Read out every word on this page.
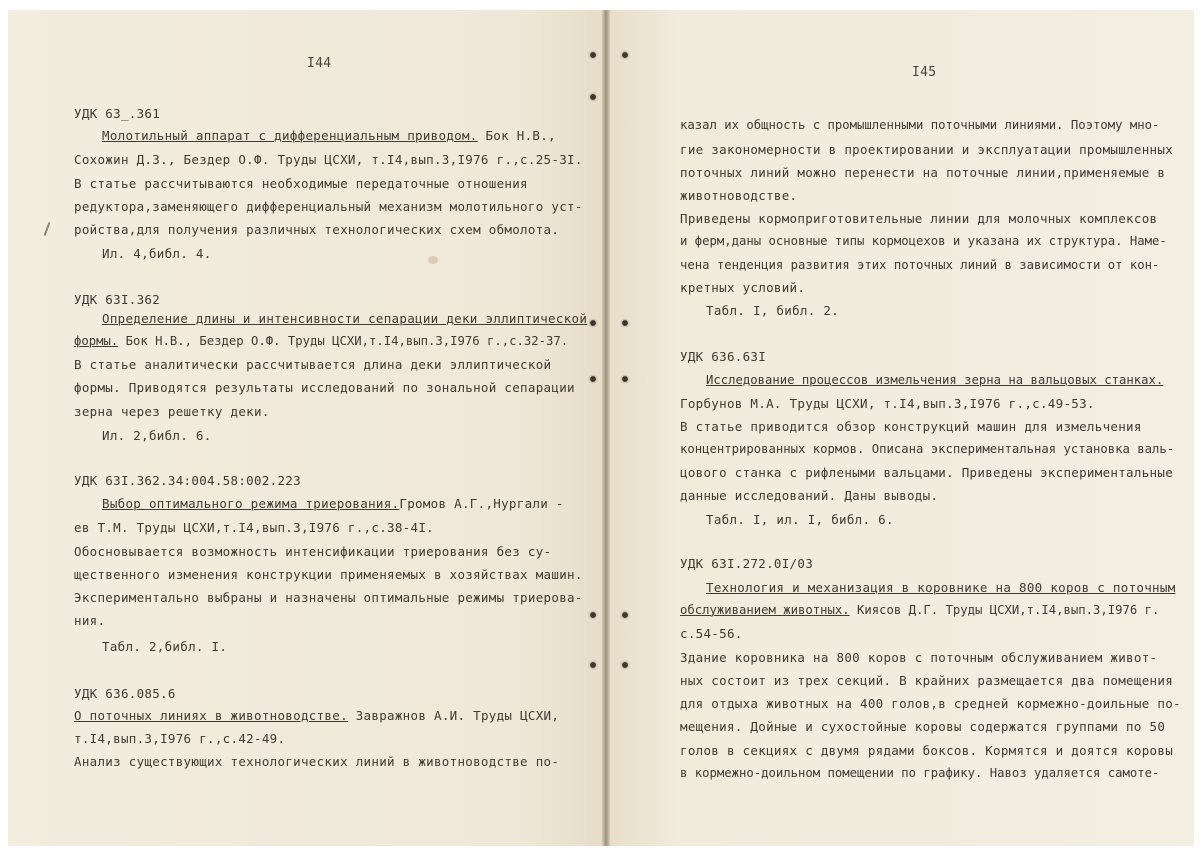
I44
УДК 63_.361
Молотильный аппарат с дифференциальным приводом. Бок Н.В.,
Сохожин Д.З., Бездер О.Ф. Труды ЦСХИ, т.I4,вып.3,I976 г.,с.25-3I.
В статье рассчитываются необходимые передаточные отношения
редуктора,заменяющего дифференциальный механизм молотильного уст-
ройства,для получения различных технологических схем обмолота.
Ил. 4,библ. 4.
УДК 63I.362
Определение длины и интенсивности сепарации деки эллиптической
формы. Бок Н.В., Бездер О.Ф. Труды ЦСХИ,т.I4,вып.3,I976 г.,с.32-37.
В статье аналитически рассчитывается длина деки эллиптической
формы. Приводятся результаты исследований по зональной сепарации
зерна через решетку деки.
Ил. 2,библ. 6.
УДК 63I.362.34:004.58:002.223
Выбор оптимального режима триерования.Громов А.Г.,Нургали -
ев Т.М. Труды ЦСХИ,т.I4,вып.3,I976 г.,с.38-4I.
Обосновывается возможность интенсификации триерования без су-
щественного изменения конструкции применяемых в хозяйствах машин.
Экспериментально выбраны и назначены оптимальные режимы триерова-
ния.
Табл. 2,библ. I.
УДК 636.085.6
О поточных линиях в животноводстве. Завражнов А.И. Труды ЦСХИ,
т.I4,вып.3,I976 г.,с.42-49.
Анализ существующих технологических линий в животноводстве по-
I45
казал их общность с промышленными поточными линиями. Поэтому мно-
гие закономерности в проектировании и эксплуатации промышленных
поточных линий можно перенести на поточные линии,применяемые в
животноводстве.
Приведены кормоприготовительные линии для молочных комплексов
и ферм,даны основные типы кормоцехов и указана их структура. Наме-
чена тенденция развития этих поточных линий в зависимости от кон-
кретных условий.
Табл. I, библ. 2.
УДК 636.63I
Исследование процессов измельчения зерна на вальцовых станках.
Горбунов М.А. Труды ЦСХИ, т.I4,вып.3,I976 г.,с.49-53.
В статье приводится обзор конструкций машин для измельчения
концентрированных кормов. Описана экспериментальная установка валь-
цового станка с рифлеными вальцами. Приведены экспериментальные
данные исследований. Даны выводы.
Табл. I, ил. I, библ. 6.
УДК 63I.272.0I/03
Технология и механизация в коровнике на 800 коров с поточным
обслуживанием животных. Киясов Д.Г. Труды ЦСХИ,т.I4,вып.3,I976 г.
с.54-56.
Здание коровника на 800 коров с поточным обслуживанием живот-
ных состоит из трех секций. В крайних размещается два помещения
для отдыха животных на 400 голов,в средней кормежно-доильные по-
мещения. Дойные и сухостойные коровы содержатся группами по 50
голов в секциях с двумя рядами боксов. Кормятся и доятся коровы
в кормежно-доильном помещении по графику. Навоз удаляется самоте-
